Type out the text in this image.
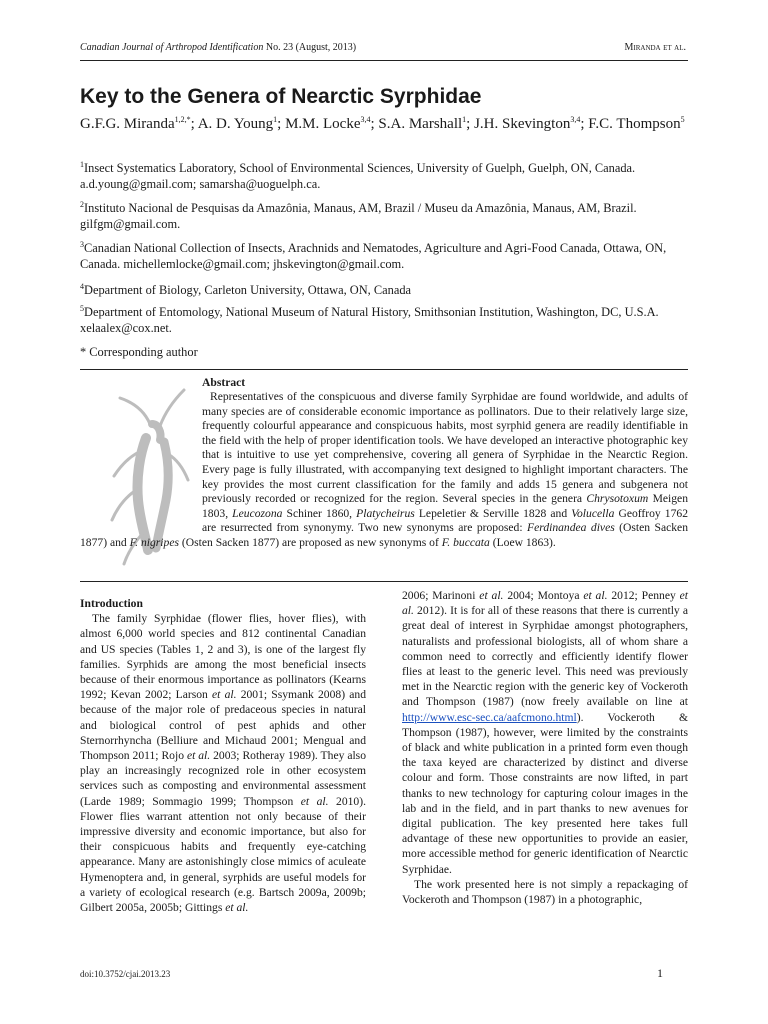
Canadian Journal of Arthropod Identification No. 23 (August, 2013)	Miranda et al.
Key to the Genera of Nearctic Syrphidae
G.F.G. Miranda$^{1,2,*}$; A. D. Young$^1$; M.M. Locke$^{3,4}$; S.A. Marshall$^1$; J.H. Skevington$^{3,4}$; F.C. Thompson$^5$
$^1$Insect Systematics Laboratory, School of Environmental Sciences, University of Guelph, Guelph, ON, Canada. a.d.young@gmail.com; samarsha@uoguelph.ca.
$^2$Instituto Nacional de Pesquisas da Amazônia, Manaus, AM, Brazil / Museu da Amazônia, Manaus, AM, Brazil. gilfgm@gmail.com.
$^3$Canadian National Collection of Insects, Arachnids and Nematodes, Agriculture and Agri-Food Canada, Ottawa, ON, Canada. michellemlocke@gmail.com; jhskevington@gmail.com.
$^4$Department of Biology, Carleton University, Ottawa, ON, Canada
$^5$Department of Entomology, National Museum of Natural History, Smithsonian Institution, Washington, DC, U.S.A. xelaalex@cox.net.
* Corresponding author
Abstract

Representatives of the conspicuous and diverse family Syrphidae are found worldwide, and adults of many species are of considerable economic importance as pollinators. Due to their relatively large size, frequently colourful appearance and conspicuous habits, most syrphid genera are readily identifiable in the field with the help of proper identification tools. We have developed an interactive photographic key that is intuitive to use yet comprehensive, covering all genera of Syrphidae in the Nearctic Region. Every page is fully illustrated, with accompanying text designed to highlight important characters. The key provides the most current classification for the family and adds 15 genera and subgenera not previously recorded or recognized for the region. Several species in the genera Chrysotoxum Meigen 1803, Leucozona Schiner 1860, Platycheirus Lepeletier & Serville 1828 and Volucella Geoffroy 1762 are resurrected from synonymy. Two new synonyms are proposed: Ferdinandea dives (Osten Sacken 1877) and F. nigripes (Osten Sacken 1877) are proposed as new synonyms of F. buccata (Loew 1863).

Introduction

The family Syrphidae (flower flies, hover flies), with almost 6,000 world species and 812 continental Canadian and US species (Tables 1, 2 and 3), is one of the largest fly families. Syrphids are among the most beneficial insects because of their enormous importance as pollinators (Kearns 1992; Kevan 2002; Larson et al. 2001; Ssymank 2008) and because of the major role of predaceous species in natural and biological control of pest aphids and other Sternorrhyncha (Belliure and Michaud 2001; Mengual and Thompson 2011; Rojo et al. 2003; Rotheray 1989). They also play an increasingly recognized role in other ecosystem services such as composting and environmental assessment (Larde 1989; Sommagio 1999; Thompson et al. 2010). Flower flies warrant attention not only because of their impressive diversity and economic importance, but also for their conspicuous habits and frequently eye-catching appearance. Many are astonishingly close mimics of aculeate Hymenoptera and, in general, syrphids are useful models for a variety of ecological research (e.g. Bartsch 2009a, 2009b; Gilbert 2005a, 2005b; Gittings et al.

2006; Marinoni et al. 2004; Montoya et al. 2012; Penney et al. 2012). It is for all of these reasons that there is currently a great deal of interest in Syrphidae amongst photographers, naturalists and professional biologists, all of whom share a common need to correctly and efficiently identify flower flies at least to the generic level. This need was previously met in the Nearctic region with the generic key of Vockeroth and Thompson (1987) (now freely available on line at http://www.esc-sec.ca/aafcmono.html). Vockeroth & Thompson (1987), however, were limited by the constraints of black and white publication in a printed form even though the taxa keyed are characterized by distinct and diverse colour and form. Those constraints are now lifted, in part thanks to new technology for capturing colour images in the lab and in the field, and in part thanks to new avenues for digital publication. The key presented here takes full advantage of these new opportunities to provide an easier, more accessible method for generic identification of Nearctic Syrphidae.

The work presented here is not simply a repackaging of Vockeroth and Thompson (1987) in a photographic,

doi:10.3752/cjai.2013.23	1
